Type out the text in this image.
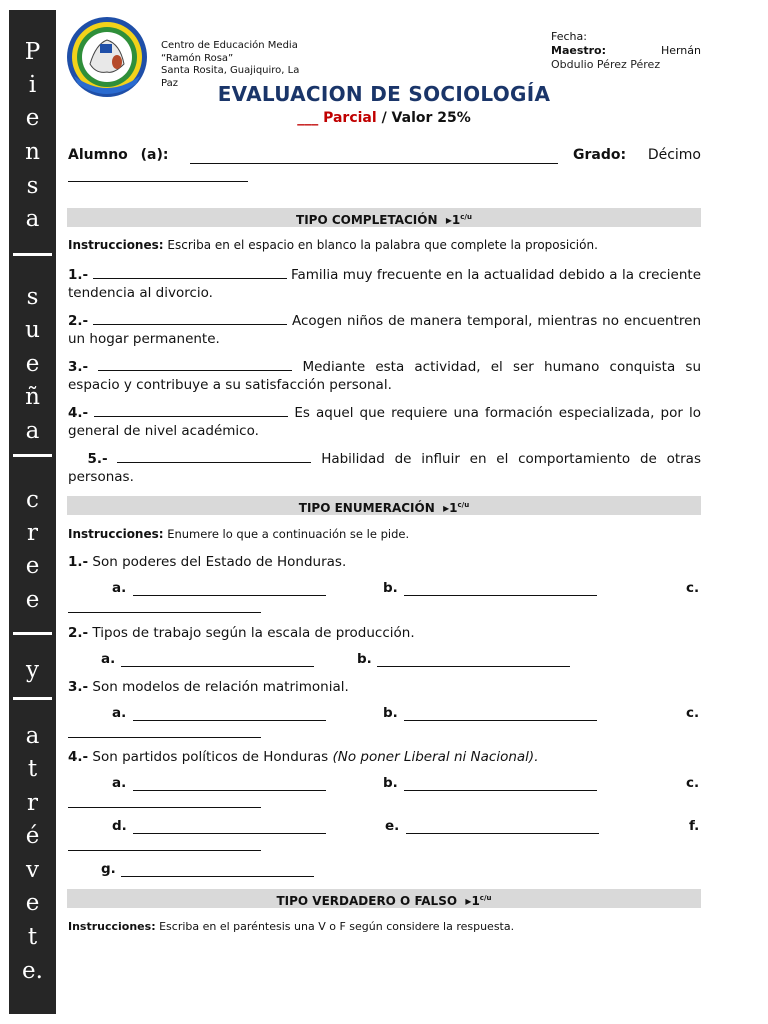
P
i
e
n
s
a
s
u
e
ñ
a
c
r
e
e
y
a
t
r
é
v
e
t
e.
Centro de Educación Media
“Ramón Rosa”
Santa Rosita, Guajiquiro, La
Paz
Fecha:
Maestro:	Hernán
Obdulio Pérez Pérez
EVALUACION DE SOCIOLOGÍA
___ Parcial / Valor 25%
Alumno (a):	Grado: Décimo
TIPO COMPLETACIÓN  $▸1^{c/u}$
Instrucciones: Escriba en el espacio en blanco la palabra que complete la proposición.
1.-	Familia muy frecuente en la actualidad debido a la creciente tendencia al divorcio.
2.-	Acogen niños de manera temporal, mientras no encuentren un hogar permanente.
3.-	Mediante esta actividad, el ser humano conquista su espacio y contribuye a su satisfacción personal.
4.-	Es aquel que requiere una formación especializada, por lo general de nivel académico.
5.-	Habilidad de influir en el comportamiento de otras personas.
TIPO ENUMERACIÓN  $▸1^{c/u}$
Instrucciones: Enumere lo que a continuación se le pide.
1.- Son poderes del Estado de Honduras.
a.	b.	c.
2.- Tipos de trabajo según la escala de producción.
a.	b.
3.- Son modelos de relación matrimonial.
a.	b.	c.
4.- Son partidos políticos de Honduras (No poner Liberal ni Nacional).
a.	b.	c.
d.	e.	f.
g.
TIPO VERDADERO O FALSO  $▸1^{c/u}$
Instrucciones: Escriba en el paréntesis una V o F según considere la respuesta.
